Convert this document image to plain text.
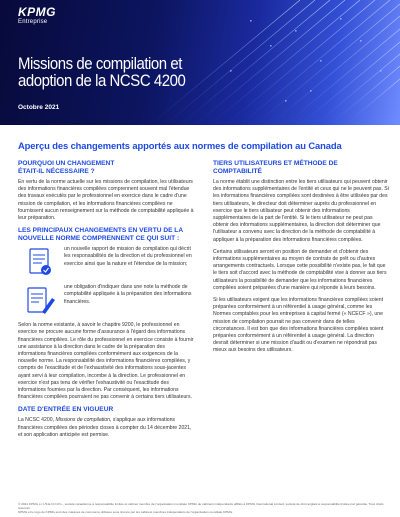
KPMG
Entreprise
Missions de compilation et
adoption de la NCSC 4200
Octobre 2021
Aperçu des changements apportés aux normes de compilation au Canada
POURQUOI UN CHANGEMENT
ÉTAIT-IL NÉCESSAIRE ?

En vertu de la norme actuelle sur les missions de compilation, les utilisateurs des informations financières compilées comprennent souvent mal l'étendue des travaux exécutés par le professionnel en exercice dans le cadre d'une mission de compilation, et les informations financières compilées ne fournissent aucun renseignement sur la méthode de comptabilité appliquée à leur préparation.

LES PRINCIPAUX CHANGEMENTS EN VERTU DE LA
NOUVELLE NORME COMPRENNENT CE QUI SUIT :

un nouvelle rapport de mission de compilation qui décrit les responsabilités de la direction et du professionnel en exercice ainsi que la nature et l'étendue de la mission;

une obligation d'indiquer dans une note la méthode de comptabilité appliquée à la préparation des informations financières.

Selon la norme existante, à savoir le chapitre 9200, le professionnel en exercice ne procure aucune forme d'assurance à l'égard des informations financières compilées. Le rôle du professionnel en exercice consiste à fournir une assistance à la direction dans le cadre de la préparation des informations financières compilées conformément aux exigences de la nouvelle norme. La responsabilité des informations financières compilées, y compris de l'exactitude et de l'exhaustivité des informations sous-jacentes ayant servi à leur compilation, incombe à la direction. Le professionnel en exercice n'est pas tenu de vérifier l'exhaustivité ou l'exactitude des informations fournies par la direction. Par conséquent, les informations financières compilées pourraient ne pas convenir à certains tiers utilisateurs.

DATE D'ENTRÉE EN VIGUEUR

La NCSC 4200, Missions de compilation, s'applique aux informations financières compilées des périodes closes à compter du 14 décembre 2021, et son application anticipée est permise.

TIERS UTILISATEURS ET MÉTHODE DE
COMPTABILITÉ

La norme établit une distinction entre les tiers utilisateurs qui peuvent obtenir des informations supplémentaires de l'entité et ceux qui ne le peuvent pas. Si les informations financières compilées sont destinées à être utilisées par des tiers utilisateurs, le directeur doit déterminer auprès du professionnel en exercice que le tiers utilisateur peut obtenir des informations supplémentaires de la part de l'entité. Si le tiers utilisateur ne peut pas obtenir des informations supplémentaires, la direction doit déterminer que l'utilisateur a convenu avec la direction de la méthode de comptabilité à appliquer à la préparation des informations financières compilées.

Certains utilisateurs seront en position de demander et d'obtenir des informations supplémentaires au moyen de contrats de prêt ou d'autres arrangements contractuels. Lorsque cette possibilité n'existe pas, le fait que le tiers soit d'accord avec la méthode de comptabilité vise à donner aux tiers utilisateurs la possibilité de demander que les informations financières compilées soient préparées d'une manière qui réponde à leurs besoins.

Si les utilisateurs exigent que les informations financières compilées soient préparées conformément à un référentiel à usage général, comme les Normes comptables pour les entreprises à capital fermé (« NCECF »), une mission de compilation pourrait ne pas convenir dans de telles circonstances. Il est bon que des informations financières compilées soient préparées conformément à un référentiel à usage général. La direction devrait déterminer si une mission d'audit ou d'examen ne répondrait pas mieux aux besoins des utilisateurs.

© 2021 KPMG s.r.l./S.E.N.C.R.L., société canadienne à responsabilité limitée et cabinet membre de l'organisation mondiale KPMG de cabinets indépendants affiliés à KPMG International Limited, société de droit anglais à responsabilité limitée par garantie. Tous droits réservés.
KPMG et le logo de KPMG sont des marques de commerce utilisées sous licence par les cabinets membres indépendants de l'organisation mondiale KPMG.
